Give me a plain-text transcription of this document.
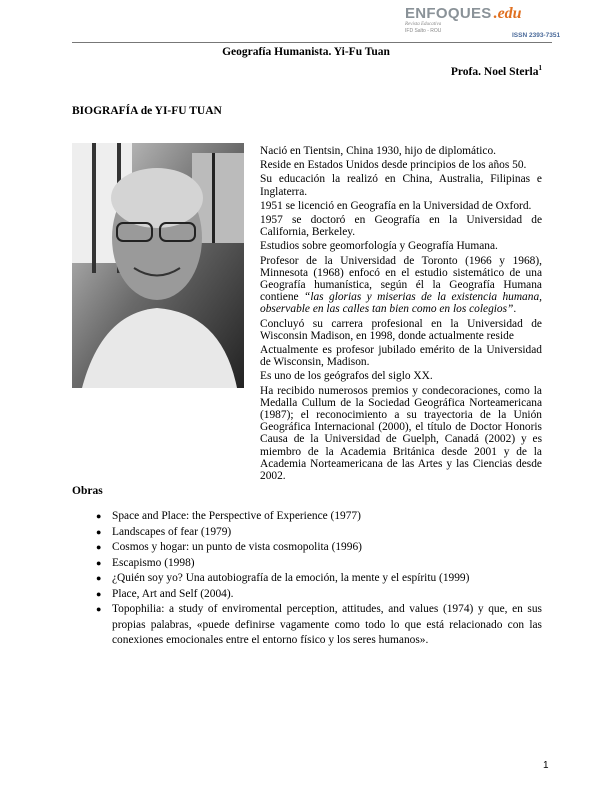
ENFOQUES .edu
Revista Educativa
IFD Salto - ROU
ISSN 2393-7351
Geografía Humanista. Yi-Fu Tuan
Profa. Noel Sterla$^1$
BIOGRAFÍA de YI-FU TUAN

Nació en Tientsin, China 1930, hijo de diplomático.

Reside en Estados Unidos desde principios de los años 50.

Su educación la realizó en China, Australia, Filipinas e Inglaterra.

1951 se licenció en Geografía en la Universidad de Oxford.

1957 se doctoró en Geografía en la Universidad de California, Berkeley.

Estudios sobre geomorfología y Geografía Humana.

Profesor de la Universidad de Toronto (1966 y 1968), Minnesota (1968) enfocó en el estudio sistemático de una Geografía humanística, según él la Geografía Humana contiene “las glorias y miserias de la existencia humana, observable en las calles tan bien como en los colegios”.

Concluyó su carrera profesional en la Universidad de Wisconsin Madison, en 1998, donde actualmente reside

Actualmente es profesor jubilado emérito de la Universidad de Wisconsin, Madison.

Es uno de los geógrafos del siglo XX.

Ha recibido numerosos premios y condecoraciones, como la Medalla Cullum de la Sociedad Geográfica Norteamericana (1987); el reconocimiento a su trayectoria de la Unión Geográfica Internacional (2000), el título de Doctor Honoris Causa de la Universidad de Guelph, Canadá (2002) y es miembro de la Academia Británica desde 2001 y de la Academia Norteamericana de las Artes y las Ciencias desde 2002.

Obras
● Space and Place: the Perspective of Experience (1977)
● Landscapes of fear (1979)
● Cosmos y hogar: un punto de vista cosmopolita (1996)
● Escapismo (1998)
● ¿Quién soy yo? Una autobiografía de la emoción, la mente y el espíritu (1999)
● Place, Art and Self (2004).
● Topophilia: a study of enviromental perception, attitudes, and values (1974) y que, en sus propias palabras, «puede definirse vagamente como todo lo que está relacionado con las conexiones emocionales entre el entorno físico y los seres humanos».
1
